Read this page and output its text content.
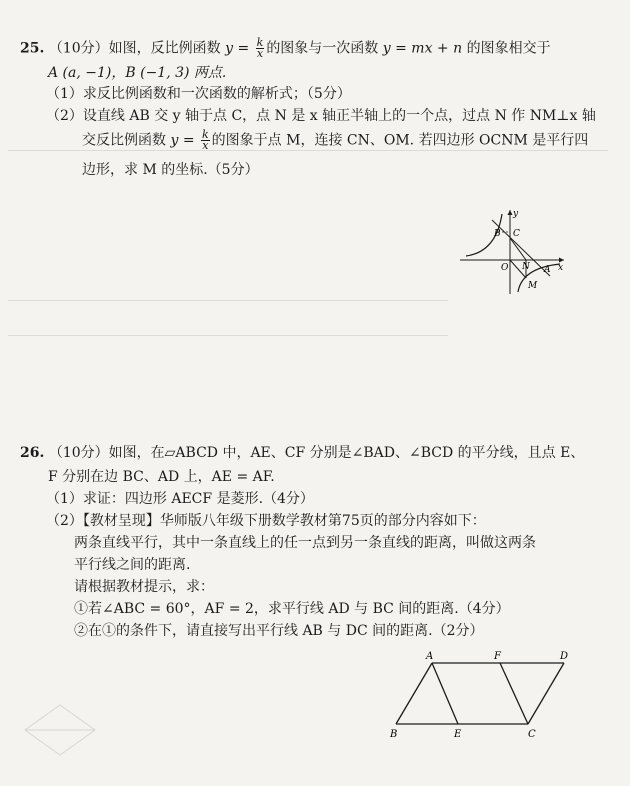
25. （10分）如图，反比例函数 $y = \frac{k}{x}$ 的图象与一次函数 y = mx + n 的图象相交于
A (a, −1)，B (−1, 3) 两点.
（1）求反比例函数和一次函数的解析式；（5分）
（2）设直线 AB 交 y 轴于点 C，点 N 是 x 轴正半轴上的一个点，过点 N 作 NM⊥x 轴
交反比例函数 $y = \frac{k}{x}$ 的图象于点 M，连接 CN、OM. 若四边形 OCNM 是平行四
边形，求 M 的坐标.（5分）
y
x
B C
O N A
M
26. （10分）如图，在▱ABCD 中，AE、CF 分别是∠BAD、∠BCD 的平分线，且点 E、
F 分别在边 BC、AD 上，AE = AF.
（1）求证：四边形 AECF 是菱形.（4分）
（2）【教材呈现】华师版八年级下册数学教材第75页的部分内容如下：
两条直线平行，其中一条直线上的任一点到另一条直线的距离，叫做这两条
平行线之间的距离.
请根据教材提示，求：
①若∠ABC = 60°，AF = 2，求平行线 AD 与 BC 间的距离.（4分）
②在①的条件下，请直接写出平行线 AB 与 DC 间的距离.（2分）
A	F	D
B	E	C
